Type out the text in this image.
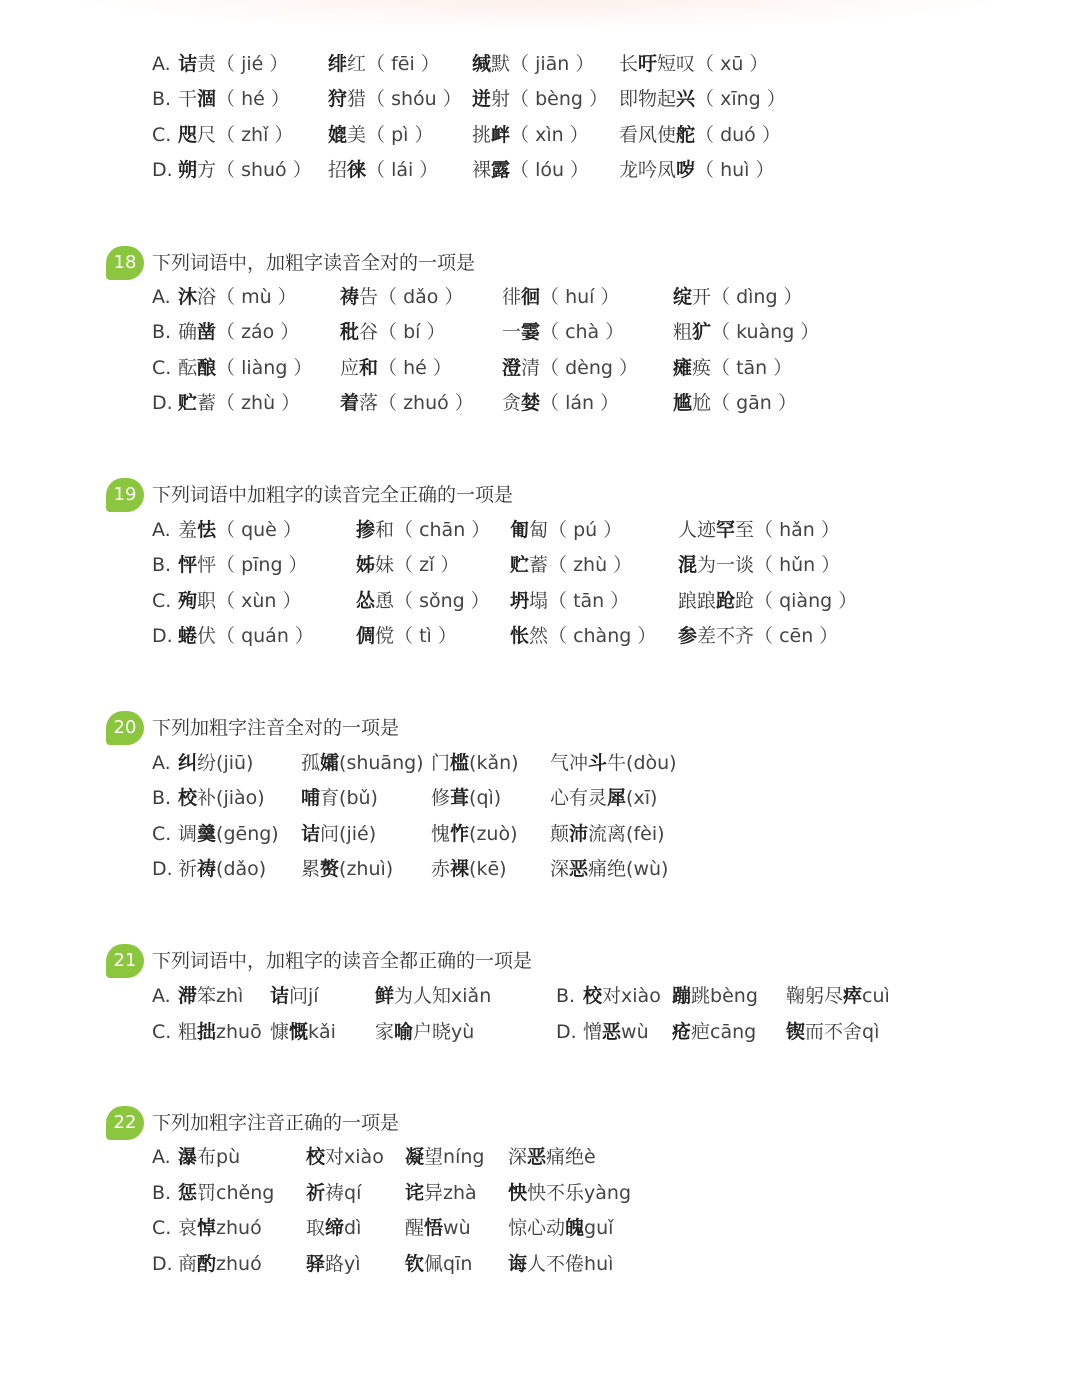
A. 诘责（ jié ） 绯红（ fēi ） 缄默（ jiān ） 长吁短叹（ xū ）
B. 干涸（ hé ） 狩猎（ shóu ） 迸射（ bèng ） 即物起兴（ xīng ）
C. 咫尺（ zhǐ ） 媲美（ pì ） 挑衅（ xìn ） 看风使舵（ duó ）
D. 朔方（ shuó ） 招徕（ lái ） 裸露（ lóu ） 龙吟凤哕（ huì ）
18 下列词语中，加粗字读音全对的一项是
A. 沐浴（ mù ） 祷告（ dǎo ） 徘徊（ huí ）	绽开（ dìng ）
B. 确凿（ záo ） 秕谷（ bí ）	一霎（ chà ）	粗犷（ kuàng ）
C. 酝酿（ liàng ） 应和（ hé ）	澄清（ dèng ） 瘫痪（ tān ）
D. 贮蓄（ zhù ） 着落（ zhuó ） 贪婪（ lán ）	尴尬（ gān ）
19 下列词语中加粗字的读音完全正确的一项是
A. 羞怯（ què ）	掺和（ chān ） 匍匐（ pú ）	人迹罕至（ hǎn ）
B. 怦怦（ pīng ）	姊妹（ zǐ ）	贮蓄（ zhù ） 混为一谈（ hǔn ）
C. 殉职（ xùn ）	怂恿（ sǒng ） 坍塌（ tān ）	踉踉跄跄（ qiàng ）
D. 蜷伏（ quán ） 倜傥（ tì ）	怅然（ chàng ） 参差不齐（ cēn ）
20 下列加粗字注音全对的一项是
A. 纠纷(jiū)	孤孀(shuāng) 门槛(kǎn) 气冲斗牛(dòu)
B. 校补(jiào) 哺育(bǔ)	修葺(qì)	心有灵犀(xī)
C. 调羹(gēng) 诘问(jié)	愧怍(zuò) 颠沛流离(fèi)
D. 祈祷(dǎo) 累赘(zhuì) 赤裸(kē) 深恶痛绝(wù)
21 下列词语中，加粗字的读音全都正确的一项是
A. 滞笨zhì 诘问jí	鲜为人知xiǎn	B. 校对xiào 蹦跳bèng 鞠躬尽瘁cuì
C. 粗拙zhuō 慷慨kǎi 家喻户晓yù	D. 憎恶wù 疮疤cāng 锲而不舍qì
22 下列加粗字注音正确的一项是
A. 瀑布pù	校对xiào 凝望níng 深恶痛绝è
B. 惩罚chěng 祈祷qí 诧异zhà 怏怏不乐yàng
C. 哀悼zhuó 取缔dì 醒悟wù 惊心动魄guǐ
D. 商酌zhuó 驿路yì 钦佩qīn 诲人不倦huì
